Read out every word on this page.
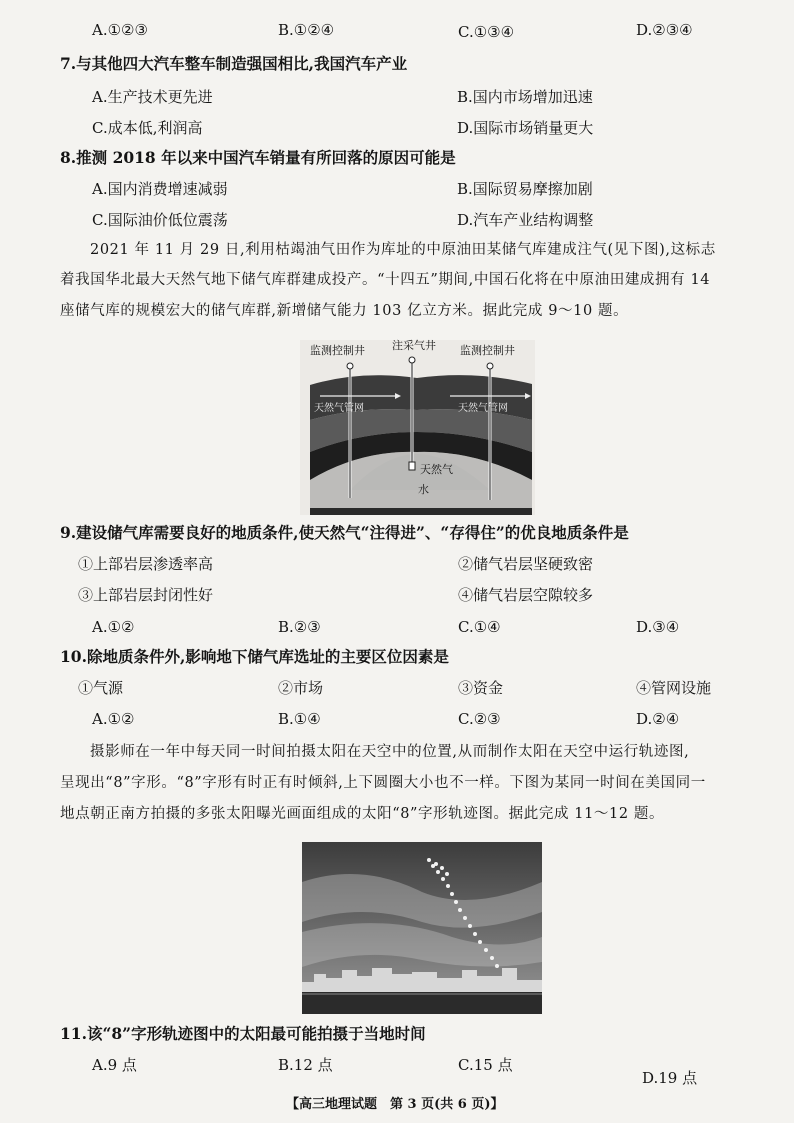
A.①②③	B.①②④	C.①③④	D.②③④
7.与其他四大汽车整车制造强国相比,我国汽车产业
A.生产技术更先进	B.国内市场增加迅速
C.成本低,利润高	D.国际市场销量更大
8.推测 2018 年以来中国汽车销量有所回落的原因可能是
A.国内消费增速减弱	B.国际贸易摩擦加剧
C.国际油价低位震荡	D.汽车产业结构调整
2021 年 11 月 29 日,利用枯竭油气田作为库址的中原油田某储气库建成注气(见下图),这标志
着我国华北最大天然气地下储气库群建成投产。“十四五”期间,中国石化将在中原油田建成拥有 14
座储气库的规模宏大的储气库群,新增储气能力 103 亿立方米。据此完成 9～10 题。
监测控制井 注采气井 监测控制井
天然气管网	天然气管网
天然气
水
9.建设储气库需要良好的地质条件,使天然气“注得进”、“存得住”的优良地质条件是
①上部岩层渗透率高	②储气岩层坚硬致密
③上部岩层封闭性好	④储气岩层空隙较多
A.①②	B.②③	C.①④	D.③④
10.除地质条件外,影响地下储气库选址的主要区位因素是
①气源	②市场	③资金	④管网设施
A.①②	B.①④	C.②③	D.②④
摄影师在一年中每天同一时间拍摄太阳在天空中的位置,从而制作太阳在天空中运行轨迹图,
呈现出“8”字形。“8”字形有时正有时倾斜,上下圆圈大小也不一样。下图为某同一时间在美国同一
地点朝正南方拍摄的多张太阳曝光画面组成的太阳“8”字形轨迹图。据此完成 11～12 题。
11.该“8”字形轨迹图中的太阳最可能拍摄于当地时间
A.9 点	B.12 点	C.15 点
D.19 点
【高三地理试题　第 3 页(共 6 页)】
